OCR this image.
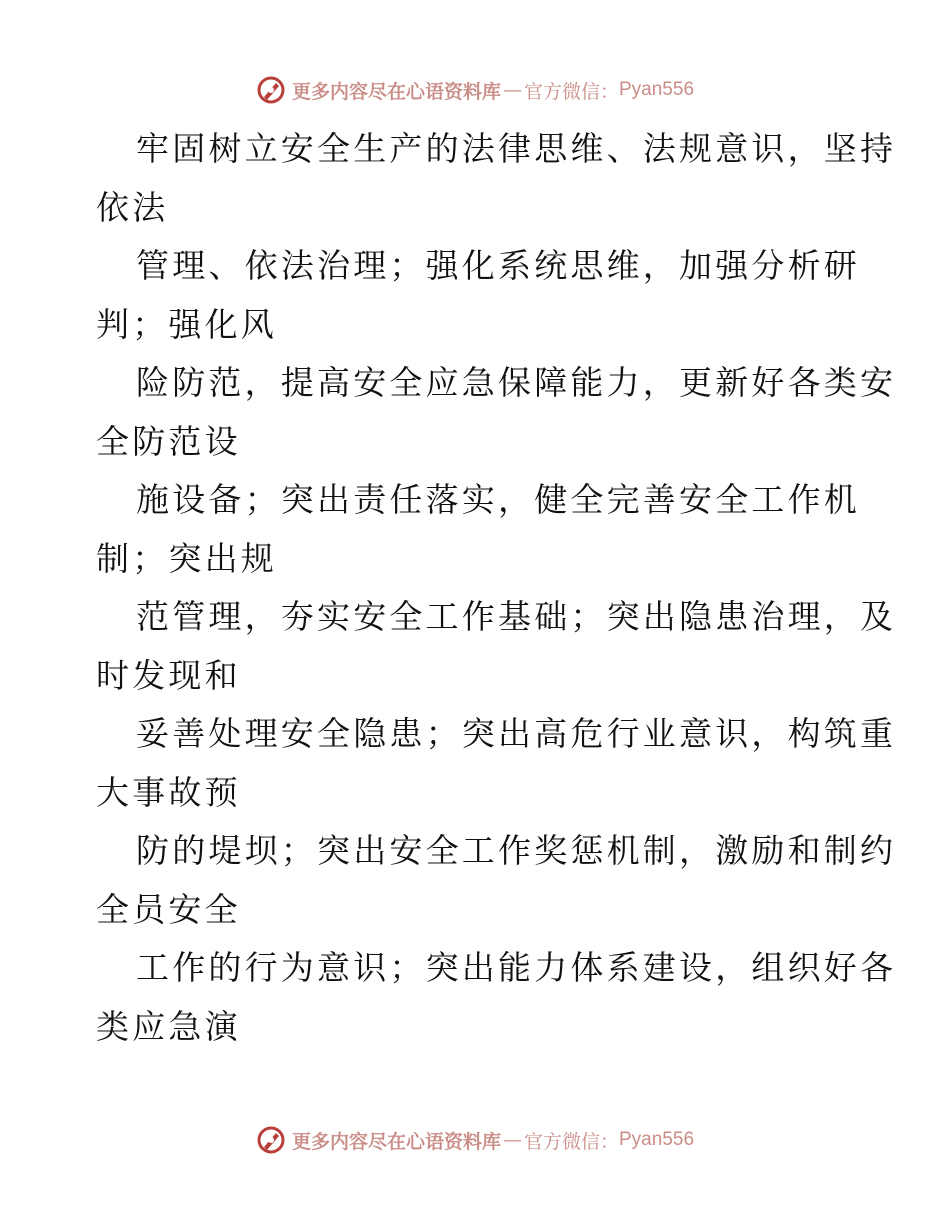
更多内容尽在心语资料库 — 官方微信： Pyan556
牢固树立安全生产的法律思维、法规意识，坚持
依法
管理、依法治理；强化系统思维，加强分析研
判；强化风
险防范，提高安全应急保障能力，更新好各类安
全防范设
施设备；突出责任落实，健全完善安全工作机
制；突出规
范管理，夯实安全工作基础；突出隐患治理，及
时发现和
妥善处理安全隐患；突出高危行业意识，构筑重
大事故预
防的堤坝；突出安全工作奖惩机制，激励和制约
全员安全
工作的行为意识；突出能力体系建设，组织好各
类应急演
更多内容尽在心语资料库 — 官方微信： Pyan556
